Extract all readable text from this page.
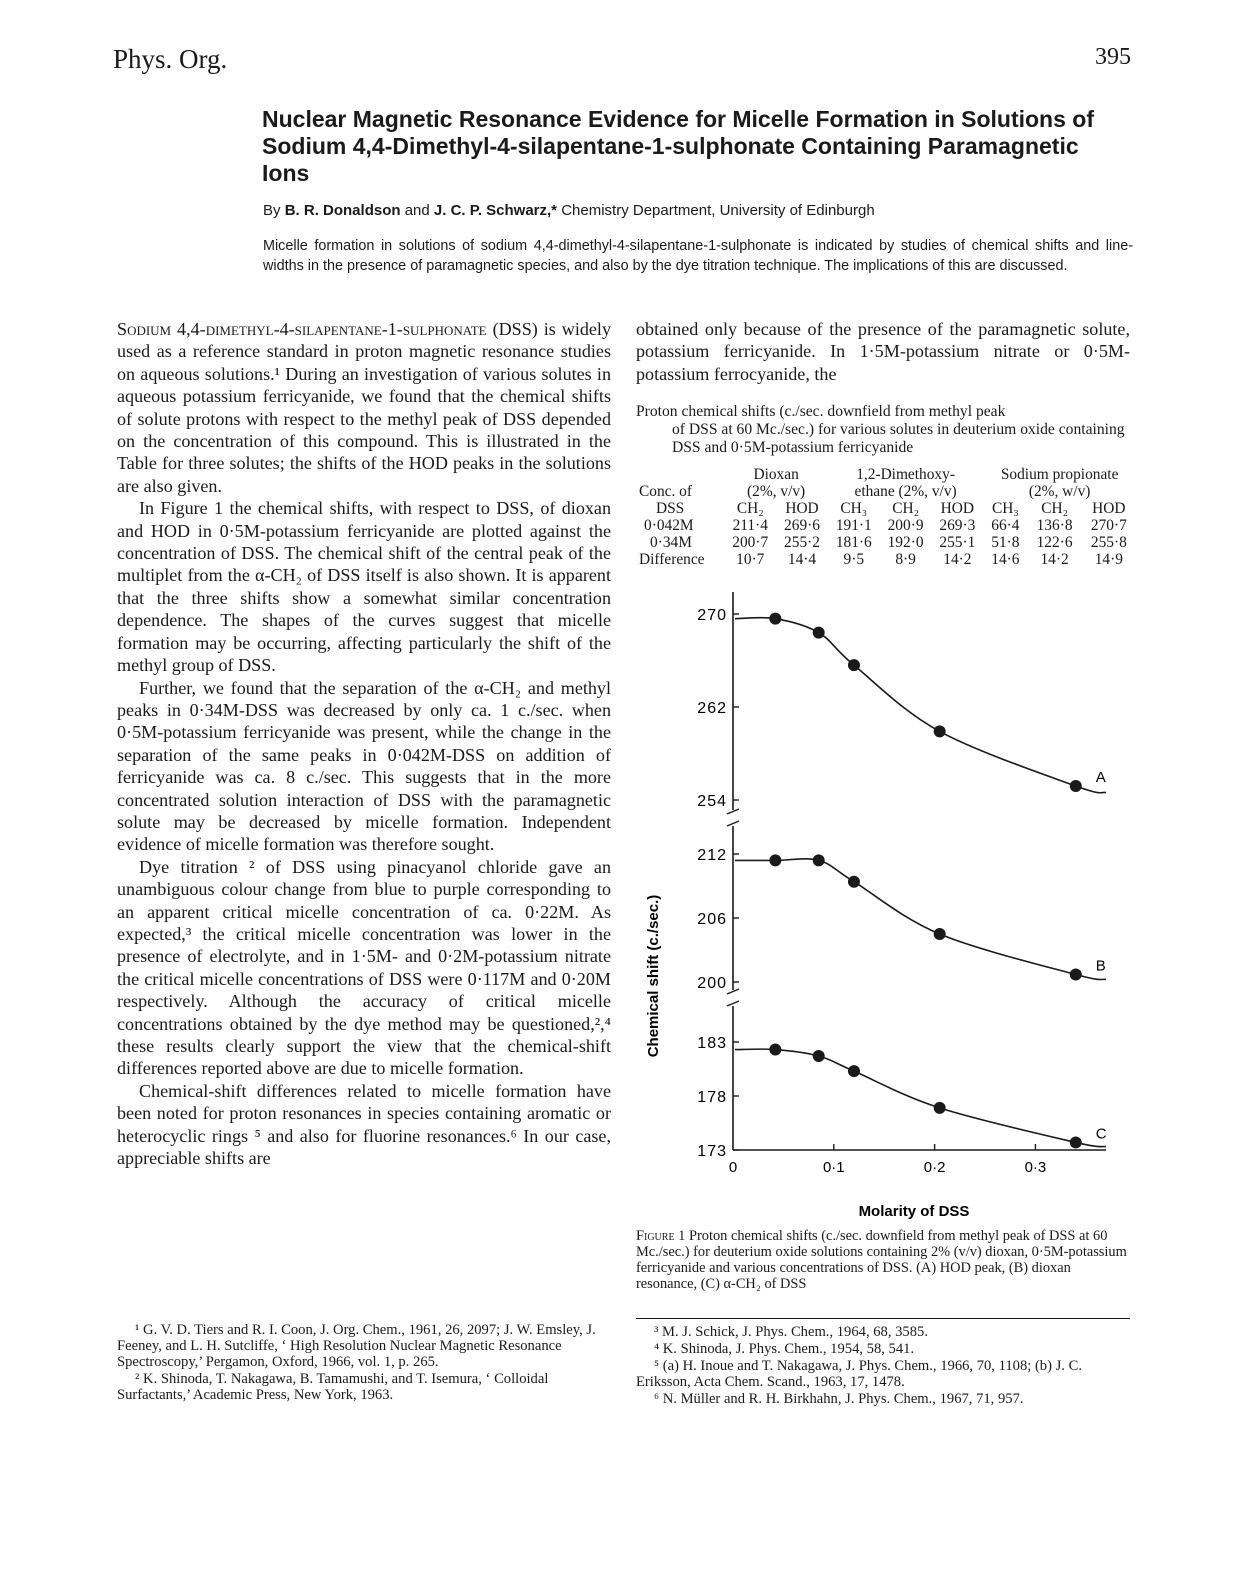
Phys. Org.	395
Nuclear Magnetic Resonance Evidence for Micelle Formation in Solutions of Sodium 4,4-Dimethyl-4-silapentane-1-sulphonate Containing Paramagnetic Ions
By B. R. Donaldson and J. C. P. Schwarz,* Chemistry Department, University of Edinburgh
Micelle formation in solutions of sodium 4,4-dimethyl-4-silapentane-1-sulphonate is indicated by studies of chemical shifts and line-widths in the presence of paramagnetic species, and also by the dye titration technique. The implications of this are discussed.

Sodium 4,4-dimethyl-4-silapentane-1-sulphonate (DSS) is widely used as a reference standard in proton magnetic resonance studies on aqueous solutions.¹ During an investigation of various solutes in aqueous potassium ferricyanide, we found that the chemical shifts of solute protons with respect to the methyl peak of DSS depended on the concentration of this compound. This is illustrated in the Table for three solutes; the shifts of the HOD peaks in the solutions are also given.

In Figure 1 the chemical shifts, with respect to DSS, of dioxan and HOD in 0·5M-potassium ferricyanide are plotted against the concentration of DSS. The chemical shift of the central peak of the multiplet from the α-CH₂ of DSS itself is also shown. It is apparent that the three shifts show a somewhat similar concentration dependence. The shapes of the curves suggest that micelle formation may be occurring, affecting particularly the shift of the methyl group of DSS.

Further, we found that the separation of the α-CH₂ and methyl peaks in 0·34M-DSS was decreased by only ca. 1 c./sec. when 0·5M-potassium ferricyanide was present, while the change in the separation of the same peaks in 0·042M-DSS on addition of ferricyanide was ca. 8 c./sec. This suggests that in the more concentrated solution interaction of DSS with the paramagnetic solute may be decreased by micelle formation. Independent evidence of micelle formation was therefore sought.

Dye titration ² of DSS using pinacyanol chloride gave an unambiguous colour change from blue to purple corresponding to an apparent critical micelle concentration of ca. 0·22M. As expected,³ the critical micelle concentration was lower in the presence of electrolyte, and in 1·5M- and 0·2M-potassium nitrate the critical micelle concentrations of DSS were 0·117M and 0·20M respectively. Although the accuracy of critical micelle concentrations obtained by the dye method may be questioned,²,⁴ these results clearly support the view that the chemical-shift differences reported above are due to micelle formation.

Chemical-shift differences related to micelle formation have been noted for proton resonances in species containing aromatic or heterocyclic rings ⁵ and also for fluorine resonances.⁶ In our case, appreciable shifts are

obtained only because of the presence of the paramagnetic solute, potassium ferricyanide. In 1·5M-potassium nitrate or 0·5M-potassium ferrocyanide, the

Proton chemical shifts (c./sec. downfield from methyl peak
of DSS at 60 Mc./sec.) for various solutes in deuterium oxide containing DSS and 0·5M-potassium ferricyanide
	Dioxan		1,2-Dimethoxy-			Sodium propionate		
Conc. of	(2%, v/v)		ethane (2%, v/v)			(2%, w/v)		
DSS	CH₂	HOD	CH₃	CH₂	HOD	CH₃	CH₂	HOD
0·042M	211·4	269·6	191·1	200·9	269·3	66·4	136·8	270·7
0·34M	200·7	255·2	181·6	192·0	255·1	51·8	122·6	255·8
Difference	10·7	14·4	9·5	8·9	14·2	14·6	14·2	14·9
Chemical shift (c./sec.)
Molarity of DSS
0	0·1	0·2	0·3
270
262
254
A
212
206
200
B
183
178
173
C
Figure 1 Proton chemical shifts (c./sec. downfield from methyl peak of DSS at 60 Mc./sec.) for deuterium oxide solutions containing 2% (v/v) dioxan, 0·5M-potassium ferricyanide and various concentrations of DSS. (A) HOD peak, (B) dioxan resonance, (C) α-CH₂ of DSS

¹ G. V. D. Tiers and R. I. Coon, J. Org. Chem., 1961, 26, 2097; J. W. Emsley, J. Feeney, and L. H. Sutcliffe, ‘ High Resolution Nuclear Magnetic Resonance Spectroscopy,’ Pergamon, Oxford, 1966, vol. 1, p. 265.

² K. Shinoda, T. Nakagawa, B. Tamamushi, and T. Isemura, ‘ Colloidal Surfactants,’ Academic Press, New York, 1963.

³ M. J. Schick, J. Phys. Chem., 1964, 68, 3585.

⁴ K. Shinoda, J. Phys. Chem., 1954, 58, 541.

⁵ (a) H. Inoue and T. Nakagawa, J. Phys. Chem., 1966, 70, 1108; (b) J. C. Eriksson, Acta Chem. Scand., 1963, 17, 1478.

⁶ N. Müller and R. H. Birkhahn, J. Phys. Chem., 1967, 71, 957.
